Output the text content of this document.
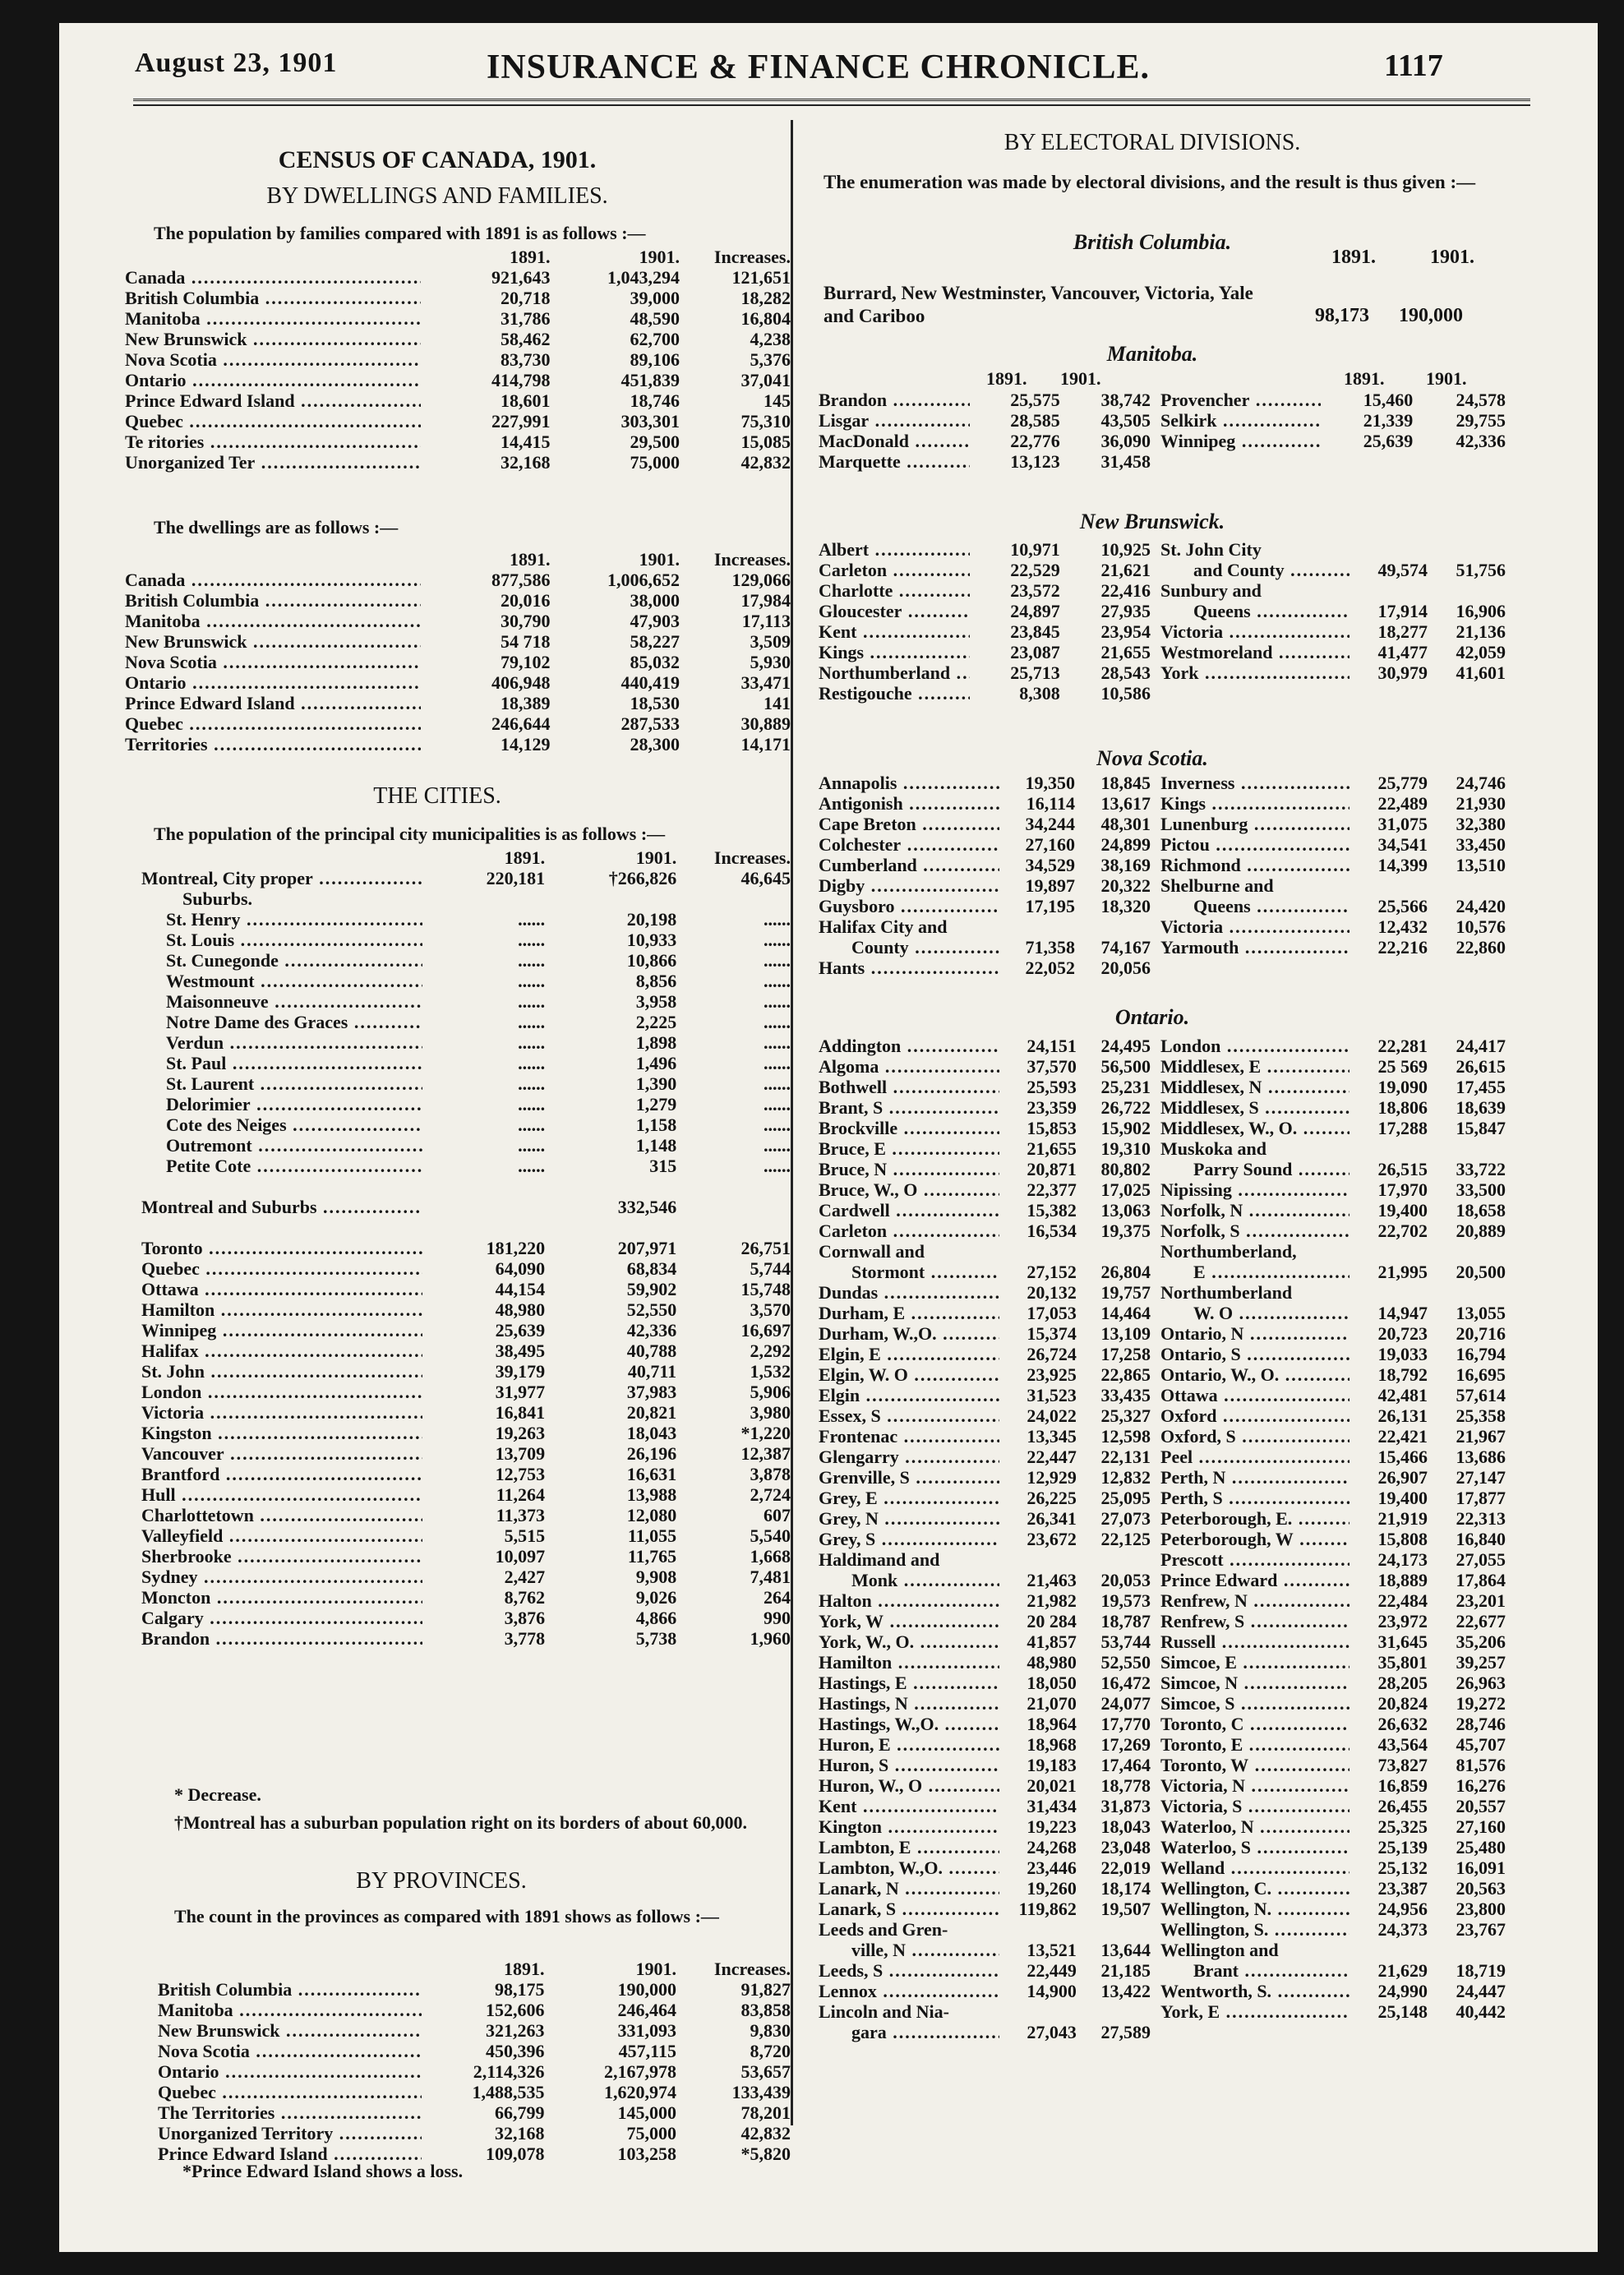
August 23, 1901	INSURANCE & FINANCE CHRONICLE.	1117
CENSUS OF CANADA, 1901.
BY DWELLINGS AND FAMILIES.
The population by families compared with 1891 is as follows :—
	1891.	1901.	Increases.
Canada .....	921,643	1,043,294	121,651
British Columbia .....	20,718	39,000	18,282
Manitoba .....	31,786	48,590	16,804
New Brunswick .....	58,462	62,700	4,238
Nova Scotia .....	83,730	89,106	5,376
Ontario .....	414,798	451,839	37,041
Prince Edward Island .....	18,601	18,746	145
Quebec .....	227,991	303,301	75,310
Te ritories .....	14,415	29,500	15,085
Unorganized Ter .....	32,168	75,000	42,832
The dwellings are as follows :—
	1891.	1901.	Increases.
Canada .....	877,586	1,006,652	129,066
British Columbia .....	20,016	38,000	17,984
Manitoba .....	30,790	47,903	17,113
New Brunswick .....	54 718	58,227	3,509
Nova Scotia .....	79,102	85,032	5,930
Ontario .....	406,948	440,419	33,471
Prince Edward Island .....	18,389	18,530	141
Quebec .....	246,644	287,533	30,889
Territories .....	14,129	28,300	14,171
THE CITIES.
The population of the principal city municipalities is as follows :—
	1891.	1901.	Increases.
Montreal, City proper .....	220,181	†266,826	46,645
Suburbs.			
St. Henry .....	......	20,198	......
St. Louis .....	......	10,933	......
St. Cunegonde .....	......	10,866	......
Westmount .....	......	8,856	......
Maisonneuve .....	......	3,958	......
Notre Dame des Graces .....	......	2,225	......
Verdun .....	......	1,898	......
St. Paul .....	......	1,496	......
St. Laurent .....	......	1,390	......
Delorimier .....	......	1,279	......
Cote des Neiges .....	......	1,158	......
Outremont .....	......	1,148	......
Petite Cote .....	......	315	......

Montreal and Suburbs .....		332,546	

Toronto .....	181,220	207,971	26,751
Quebec .....	64,090	68,834	5,744
Ottawa .....	44,154	59,902	15,748
Hamilton .....	48,980	52,550	3,570
Winnipeg .....	25,639	42,336	16,697
Halifax .....	38,495	40,788	2,292
St. John .....	39,179	40,711	1,532
London .....	31,977	37,983	5,906
Victoria .....	16,841	20,821	3,980
Kingston .....	19,263	18,043	*1,220
Vancouver .....	13,709	26,196	12,387
Brantford .....	12,753	16,631	3,878
Hull .....	11,264	13,988	2,724
Charlottetown .....	11,373	12,080	607
Valleyfield .....	5,515	11,055	5,540
Sherbrooke .....	10,097	11,765	1,668
Sydney .....	2,427	9,908	7,481
Moncton .....	8,762	9,026	264
Calgary .....	3,876	4,866	990
Brandon .....	3,778	5,738	1,960
* Decrease.
†Montreal has a suburban population right on its borders of about 60,000.
BY PROVINCES.
The count in the provinces as compared with 1891 shows as follows :—
	1891.	1901.	Increases.
British Columbia .....	98,175	190,000	91,827
Manitoba .....	152,606	246,464	83,858
New Brunswick .....	321,263	331,093	9,830
Nova Scotia .....	450,396	457,115	8,720
Ontario .....	2,114,326	2,167,978	53,657
Quebec .....	1,488,535	1,620,974	133,439
The Territories .....	66,799	145,000	78,201
Unorganized Territory .....	32,168	75,000	42,832
Prince Edward Island .....	109,078	103,258	*5,820
*Prince Edward Island shows a loss.
BY ELECTORAL DIVISIONS.
The enumeration was made by electoral divisions, and the result is thus given :—
British Columbia.
1891.	1901.
Burrard, New Westminster, Vancouver, Victoria, Yale and Cariboo	98,173 190,000
Manitoba.
1891. 1901.	1891. 1901.
Brandon .....	25,575	38,742
Lisgar .....	28,585	43,505
MacDonald .....	22,776	36,090
Marquette .....	13,123	31,458
Provencher .....	15,460	24,578
Selkirk .....	21,339	29,755
Winnipeg .....	25,639	42,336
New Brunswick.
Albert .....	10,971	10,925
Carleton .....	22,529	21,621
Charlotte .....	23,572	22,416
Gloucester .....	24,897	27,935
Kent .....	23,845	23,954
Kings .....	23,087	21,655
Northumberland .....	25,713	28,543
Restigouche .....	8,308	10,586
St. John City		
and County .....	49,574	51,756
Sunbury and		
Queens .....	17,914	16,906
Victoria .....	18,277	21,136
Westmoreland .....	41,477	42,059
York .....	30,979	41,601
Nova Scotia.
Annapolis .....	19,350	18,845
Antigonish .....	16,114	13,617
Cape Breton .....	34,244	48,301
Colchester .....	27,160	24,899
Cumberland .....	34,529	38,169
Digby .....	19,897	20,322
Guysboro .....	17,195	18,320
Halifax City and		
County .....	71,358	74,167
Hants .....	22,052	20,056
Inverness .....	25,779	24,746
Kings .....	22,489	21,930
Lunenburg .....	31,075	32,380
Pictou .....	34,541	33,450
Richmond .....	14,399	13,510
Shelburne and		
Queens .....	25,566	24,420
Victoria .....	12,432	10,576
Yarmouth .....	22,216	22,860
Ontario.
Addington .....	24,151	24,495
Algoma .....	37,570	56,500
Bothwell .....	25,593	25,231
Brant, S .....	23,359	26,722
Brockville .....	15,853	15,902
Bruce, E .....	21,655	19,310
Bruce, N .....	20,871	80,802
Bruce, W., O .....	22,377	17,025
Cardwell .....	15,382	13,063
Carleton .....	16,534	19,375
Cornwall and		
Stormont .....	27,152	26,804
Dundas .....	20,132	19,757
Durham, E .....	17,053	14,464
Durham, W.,O. .....	15,374	13,109
Elgin, E .....	26,724	17,258
Elgin, W. O .....	23,925	22,865
Elgin .....	31,523	33,435
Essex, S .....	24,022	25,327
Frontenac .....	13,345	12,598
Glengarry .....	22,447	22,131
Grenville, S .....	12,929	12,832
Grey, E .....	26,225	25,095
Grey, N .....	26,341	27,073
Grey, S .....	23,672	22,125
Haldimand and		
Monk .....	21,463	20,053
Halton .....	21,982	19,573
York, W .....	20 284	18,787
York, W., O. .....	41,857	53,744
Hamilton .....	48,980	52,550
Hastings, E .....	18,050	16,472
Hastings, N .....	21,070	24,077
Hastings, W.,O. .....	18,964	17,770
Huron, E .....	18,968	17,269
Huron, S .....	19,183	17,464
Huron, W., O .....	20,021	18,778
Kent .....	31,434	31,873
Kington .....	19,223	18,043
Lambton, E .....	24,268	23,048
Lambton, W.,O. .....	23,446	22,019
Lanark, N .....	19,260	18,174
Lanark, S .....	119,862	19,507
Leeds and Gren-		
ville, N .....	13,521	13,644
Leeds, S .....	22,449	21,185
Lennox .....	14,900	13,422
Lincoln and Nia-		
gara .....	27,043	27,589
London .....	22,281	24,417
Middlesex, E .....	25 569	26,615
Middlesex, N .....	19,090	17,455
Middlesex, S .....	18,806	18,639
Middlesex, W., O. .....	17,288	15,847
Muskoka and		
Parry Sound .....	26,515	33,722
Nipissing .....	17,970	33,500
Norfolk, N .....	19,400	18,658
Norfolk, S .....	22,702	20,889
Northumberland,		
E .....	21,995	20,500
Northumberland		
W. O .....	14,947	13,055
Ontario, N .....	20,723	20,716
Ontario, S .....	19,033	16,794
Ontario, W., O. .....	18,792	16,695
Ottawa .....	42,481	57,614
Oxford .....	26,131	25,358
Oxford, S .....	22,421	21,967
Peel .....	15,466	13,686
Perth, N .....	26,907	27,147
Perth, S .....	19,400	17,877
Peterborough, E. .....	21,919	22,313
Peterborough, W .....	15,808	16,840
Prescott .....	24,173	27,055
Prince Edward .....	18,889	17,864
Renfrew, N .....	22,484	23,201
Renfrew, S .....	23,972	22,677
Russell .....	31,645	35,206
Simcoe, E .....	35,801	39,257
Simcoe, N .....	28,205	26,963
Simcoe, S .....	20,824	19,272
Toronto, C .....	26,632	28,746
Toronto, E .....	43,564	45,707
Toronto, W .....	73,827	81,576
Victoria, N .....	16,859	16,276
Victoria, S .....	26,455	20,557
Waterloo, N .....	25,325	27,160
Waterloo, S .....	25,139	25,480
Welland .....	25,132	16,091
Wellington, C. .....	23,387	20,563
Wellington, N. .....	24,956	23,800
Wellington, S. .....	24,373	23,767
Wellington and		
Brant .....	21,629	18,719
Wentworth, S. .....	24,990	24,447
York, E .....	25,148	40,442
